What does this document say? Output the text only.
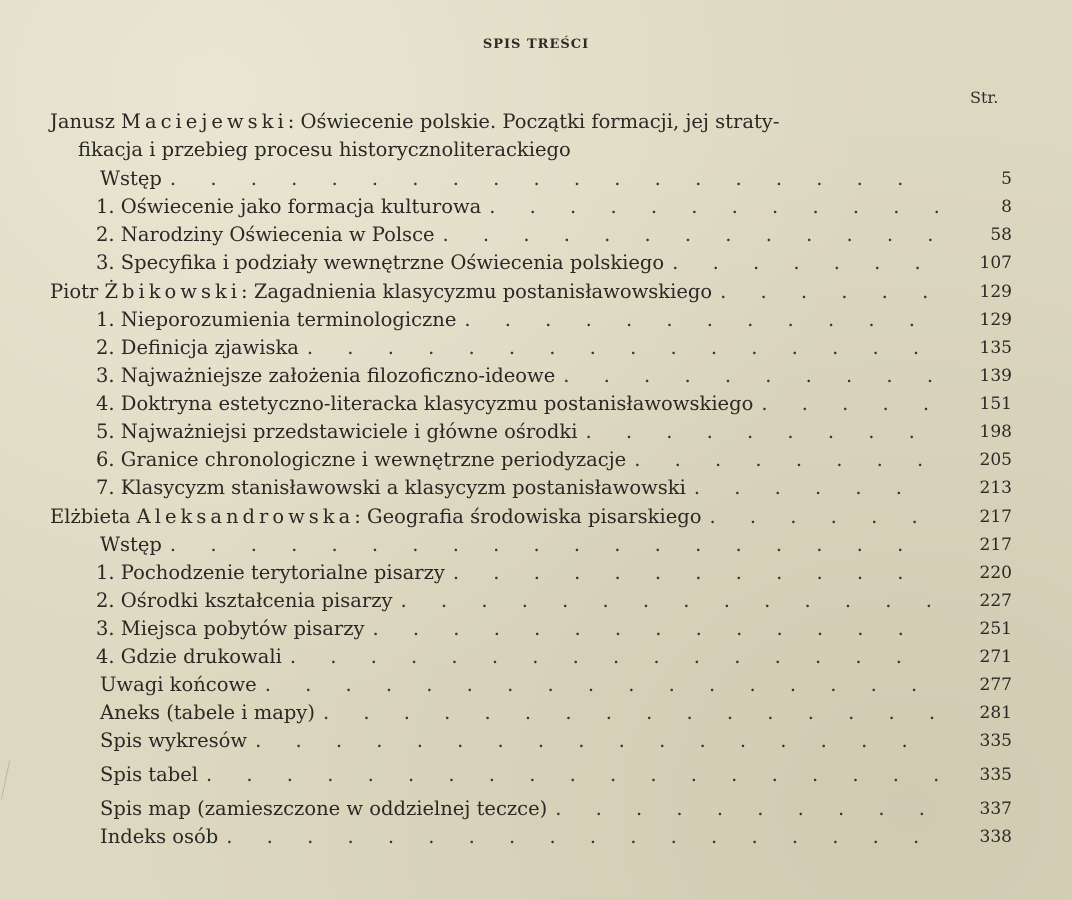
SPIS TREŚCI
Str.
Janusz Maciejewski: Oświecenie polskie. Początki formacji, jej straty-
fikacja i przebieg procesu historycznoliterackiego
Wstęp . . .	5
1. Oświecenie jako formacja kulturowa . . .	8
2. Narodziny Oświecenia w Polsce . . .	58
3. Specyfika i podziały wewnętrzne Oświecenia polskiego . . .	107
Piotr Żbikowski: Zagadnienia klasycyzmu postanisławowskiego . . .	129
1. Nieporozumienia terminologiczne . . .	129
2. Definicja zjawiska . . .	135
3. Najważniejsze założenia filozoficzno-ideowe . . .	139
4. Doktryna estetyczno-literacka klasycyzmu postanisławowskiego . . .	151
5. Najważniejsi przedstawiciele i główne ośrodki . . .	198
6. Granice chronologiczne i wewnętrzne periodyzacje . . .	205
7. Klasycyzm stanisławowski a klasycyzm postanisławowski . . .	213
Elżbieta Aleksandrowska: Geografia środowiska pisarskiego . . .	217
Wstęp . . .	217
1. Pochodzenie terytorialne pisarzy . . .	220
2. Ośrodki kształcenia pisarzy . . .	227
3. Miejsca pobytów pisarzy . . .	251
4. Gdzie drukowali . . .	271
Uwagi końcowe . . .	277
Aneks (tabele i mapy) . . .	281
Spis wykresów . . .	335
Spis tabel . . .	335
Spis map (zamieszczone w oddzielnej teczce) . . .	337
Indeks osób . . .	338
